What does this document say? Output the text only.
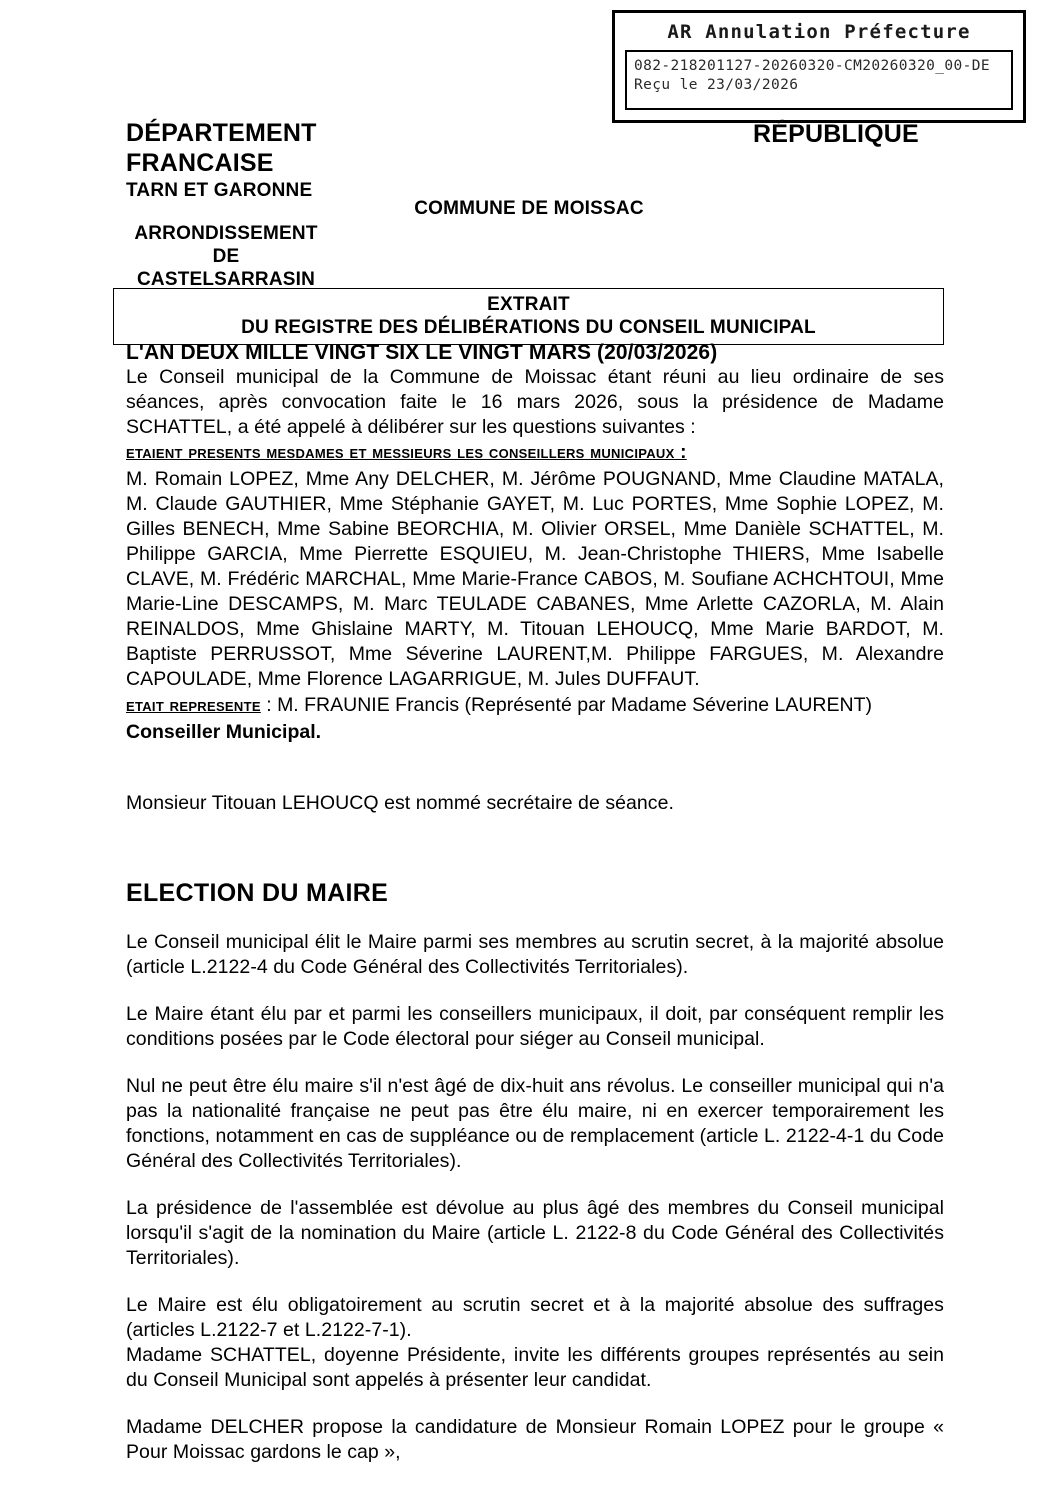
AR Annulation Préfecture
082-218201127-20260320-CM20260320_00-DE
Reçu le 23/03/2026
DÉPARTEMENT
FRANCAISE
TARN ET GARONNE
ARRONDISSEMENT
DE
CASTELSARRASIN
RÉPUBLIQUE
COMMUNE DE MOISSAC
EXTRAIT
DU REGISTRE DES DÉLIBÉRATIONS DU CONSEIL MUNICIPAL
L'AN DEUX MILLE VINGT SIX LE VINGT MARS (20/03/2026)
Le Conseil municipal de la Commune de Moissac étant réuni au lieu ordinaire de ses séances, après convocation faite le 16 mars 2026, sous la présidence de Madame SCHATTEL, a été appelé à délibérer sur les questions suivantes :
etaient presents mesdames et messieurs les conseillers municipaux :
M. Romain LOPEZ, Mme Any DELCHER, M. Jérôme POUGNAND, Mme Claudine MATALA, M. Claude GAUTHIER, Mme Stéphanie GAYET, M. Luc PORTES, Mme Sophie LOPEZ, M. Gilles BENECH, Mme Sabine BEORCHIA, M. Olivier ORSEL, Mme Danièle SCHATTEL, M. Philippe GARCIA, Mme Pierrette ESQUIEU, M. Jean-Christophe THIERS, Mme Isabelle CLAVE, M. Frédéric MARCHAL, Mme Marie-France CABOS, M. Soufiane ACHCHTOUI, Mme Marie-Line DESCAMPS, M. Marc TEULADE CABANES, Mme Arlette CAZORLA, M. Alain REINALDOS, Mme Ghislaine MARTY, M. Titouan LEHOUCQ, Mme Marie BARDOT, M. Baptiste PERRUSSOT, Mme Séverine LAURENT,M. Philippe FARGUES, M. Alexandre CAPOULADE, Mme Florence LAGARRIGUE, M. Jules DUFFAUT.
etait represente : M. FRAUNIE Francis (Représenté par Madame Séverine LAURENT)
Conseiller Municipal.
Monsieur Titouan LEHOUCQ est nommé secrétaire de séance.
ELECTION DU MAIRE
Le Conseil municipal élit le Maire parmi ses membres au scrutin secret, à la majorité absolue (article L.2122-4 du Code Général des Collectivités Territoriales).
Le Maire étant élu par et parmi les conseillers municipaux, il doit, par conséquent remplir les conditions posées par le Code électoral pour siéger au Conseil municipal.
Nul ne peut être élu maire s'il n'est âgé de dix-huit ans révolus. Le conseiller municipal qui n'a pas la nationalité française ne peut pas être élu maire, ni en exercer temporairement les fonctions, notamment en cas de suppléance ou de remplacement (article L. 2122-4-1 du Code Général des Collectivités Territoriales).
La présidence de l'assemblée est dévolue au plus âgé des membres du Conseil municipal lorsqu'il s'agit de la nomination du Maire (article L. 2122-8 du Code Général des Collectivités Territoriales).
Le Maire est élu obligatoirement au scrutin secret et à la majorité absolue des suffrages (articles L.2122-7 et L.2122-7-1).
Madame SCHATTEL, doyenne Présidente, invite les différents groupes représentés au sein du Conseil Municipal sont appelés à présenter leur candidat.
Madame DELCHER propose la candidature de Monsieur Romain LOPEZ pour le groupe « Pour Moissac gardons le cap »,
